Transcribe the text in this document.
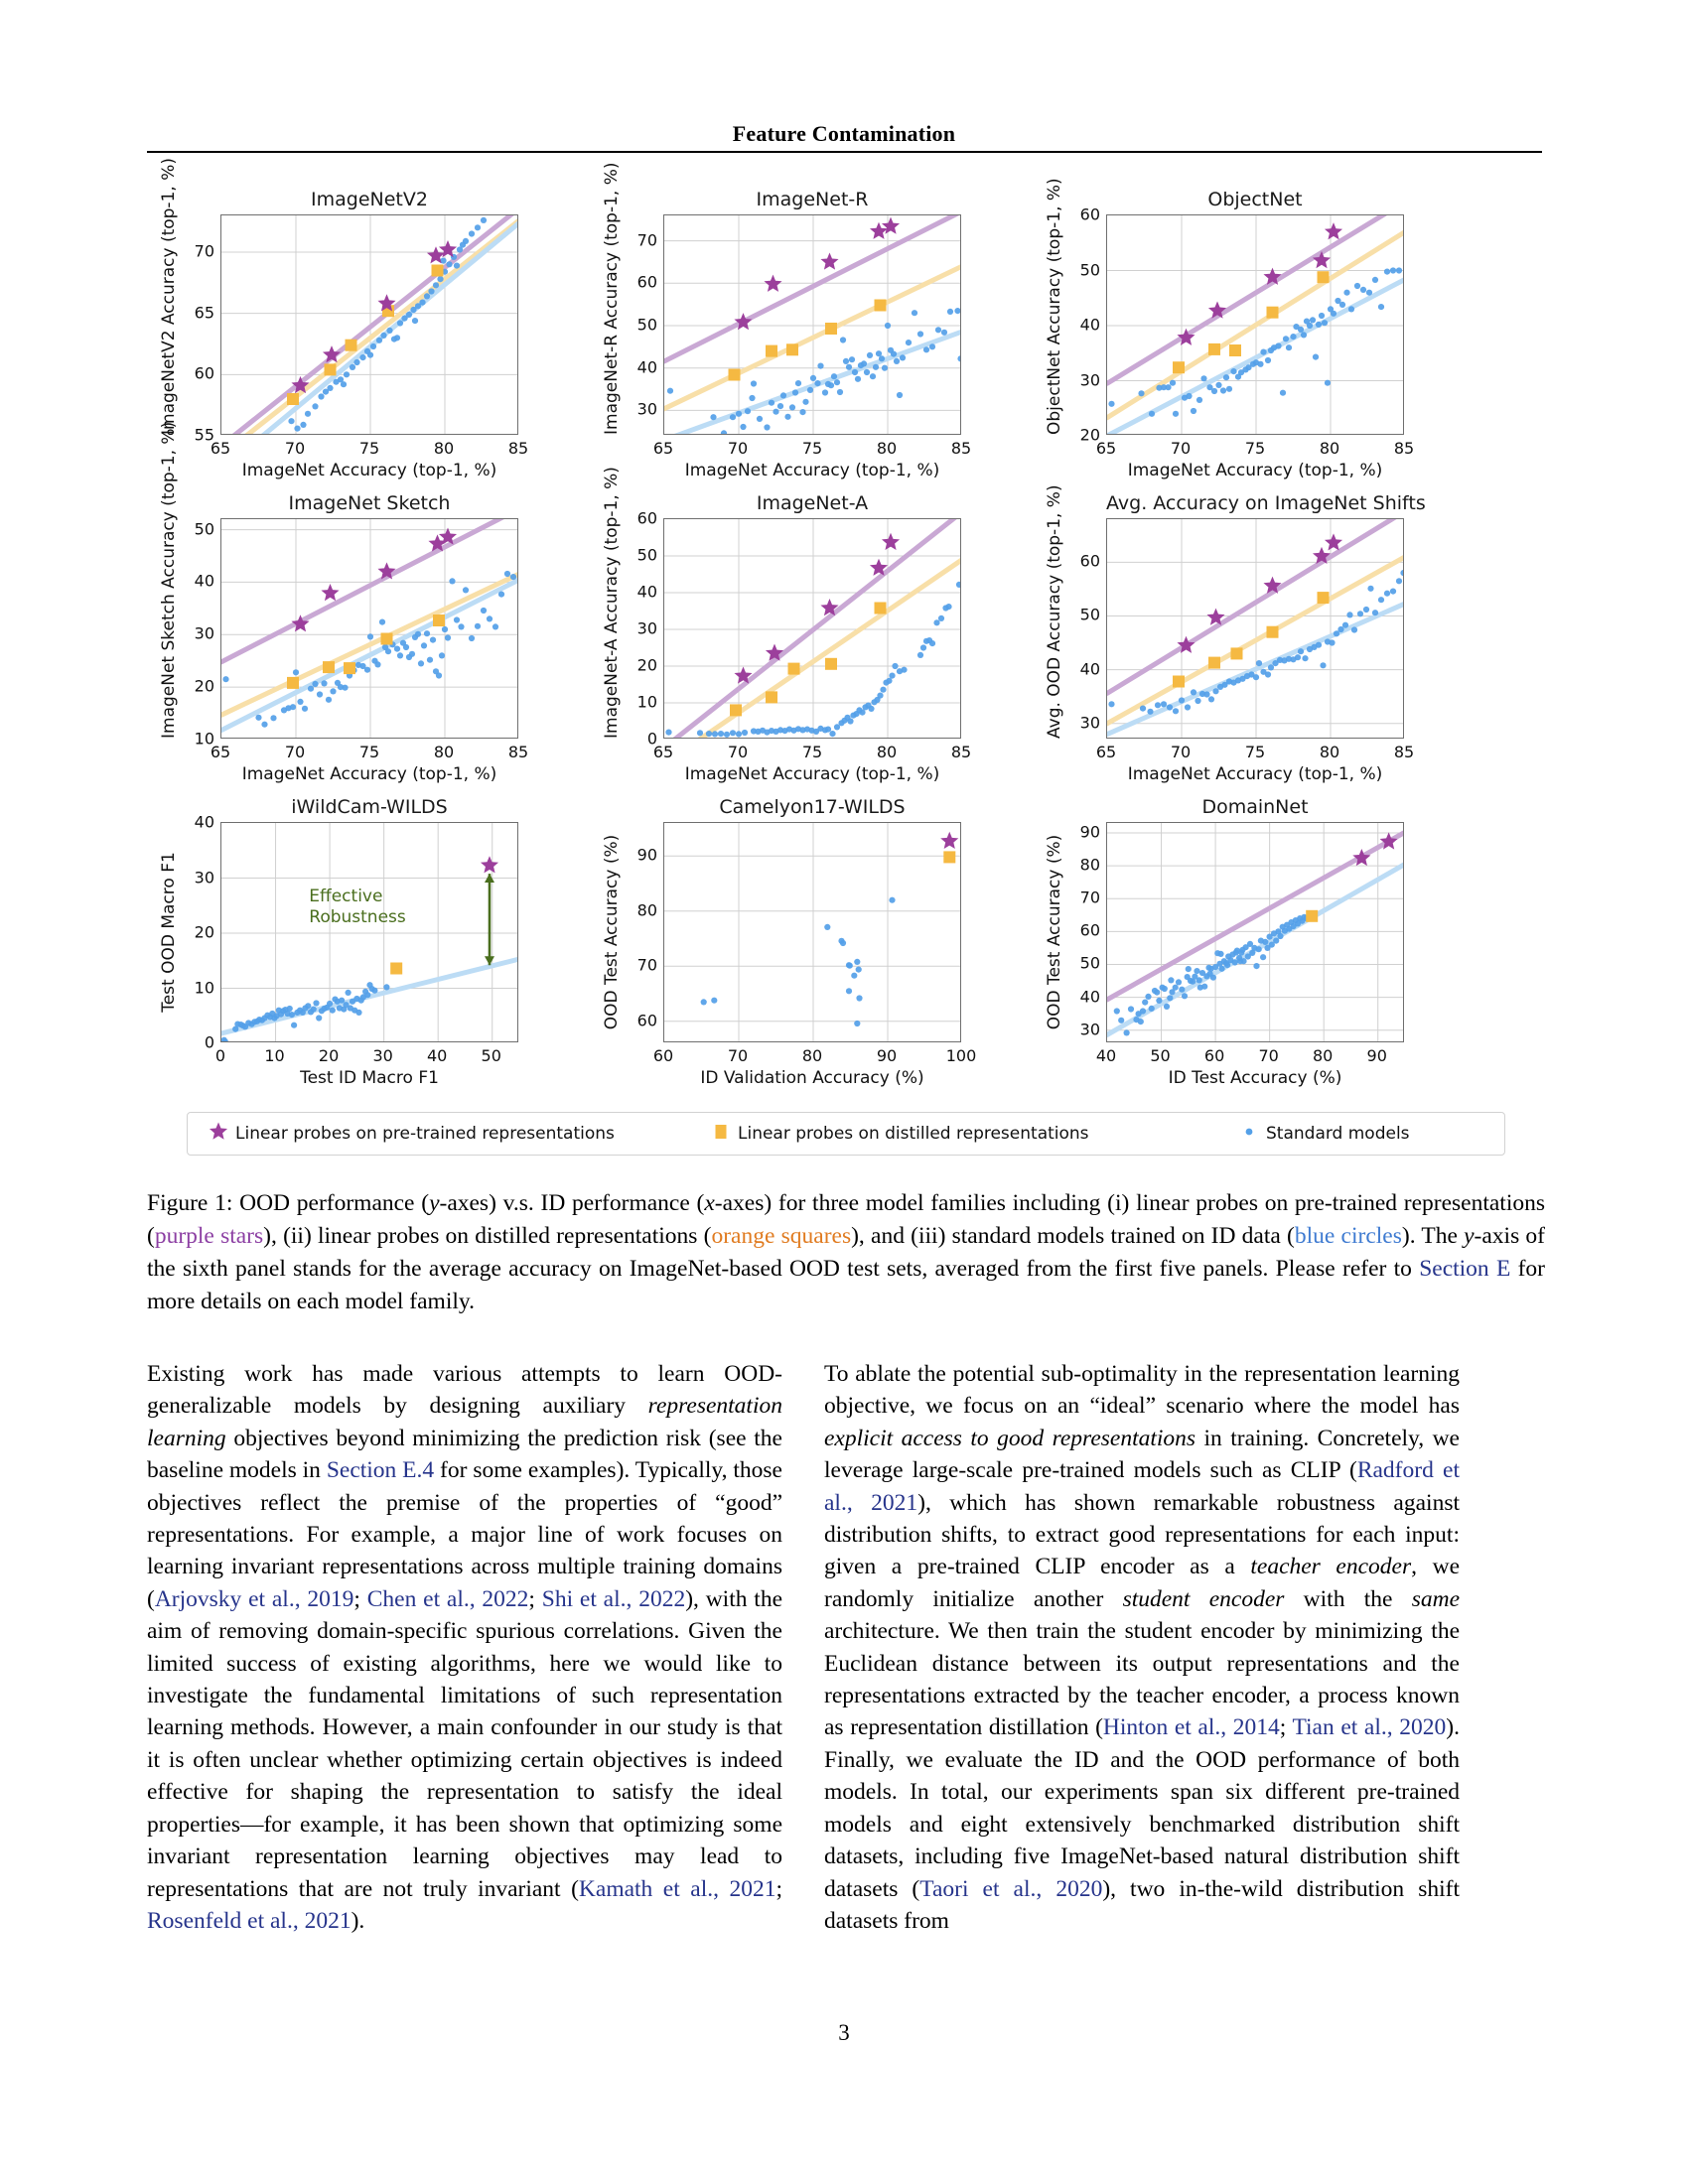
Feature Contamination
ImageNetV2
65	70	75	80	85
55
60
65
70
ImageNet Accuracy (top-1, %)
ImageNetV2 Accuracy (top-1, %)	ImageNet-R
65	70	75	80	85
30
40
50
60
70
ImageNet Accuracy (top-1, %)
ImageNet-R Accuracy (top-1, %)	ObjectNet
65	70	75	80	85
20
30
40
50
60
ImageNet Accuracy (top-1, %)
ObjectNet Accuracy (top-1, %)
ImageNet Sketch
65	70	75	80	85
10
20
30
40
50
ImageNet Accuracy (top-1, %)
ImageNet Sketch Accuracy (top-1, %)	ImageNet-A
65	70	75	80	85
0
10
20
30
40
50
60
ImageNet Accuracy (top-1, %)
ImageNet-A Accuracy (top-1, %)	Avg. Accuracy on ImageNet Shifts
65	70	75	80	85
30
40
50
60
ImageNet Accuracy (top-1, %)
Avg. OOD Accuracy (top-1, %)
iWildCam-WILDS
Effective
Robustness
0 10 20 30 40 50
0
10
20
30
40
Test ID Macro F1
Test OOD Macro F1
Camelyon17-WILDS
60	70	80	90	100
60
70
80
90
ID Validation Accuracy (%)
OOD Test Accuracy (%)
DomainNet
40 50 60 70 80 90
30
40
50
60
70
80
90
ID Test Accuracy (%)
OOD Test Accuracy (%)
Linear probes on pre-trained representations	Linear probes on distilled representations	Standard models
Figure 1: OOD performance (y-axes) v.s. ID performance (x-axes) for three model families including (i) linear probes on pre-trained representations (purple stars), (ii) linear probes on distilled representations (orange squares), and (iii) standard models trained on ID data (blue circles). The y-axis of the sixth panel stands for the average accuracy on ImageNet-based OOD test sets, averaged from the first five panels. Please refer to Section E for more details on each model family.

Existing work has made various attempts to learn OOD-generalizable models by designing auxiliary representation learning objectives beyond minimizing the prediction risk (see the baseline models in Section E.4 for some examples). Typically, those objectives reflect the premise of the properties of “good” representations. For example, a major line of work focuses on learning invariant representations across multiple training domains (Arjovsky et al., 2019; Chen et al., 2022; Shi et al., 2022), with the aim of removing domain-specific spurious correlations. Given the limited success of existing algorithms, here we would like to investigate the fundamental limitations of such representation learning methods. However, a main confounder in our study is that it is often unclear whether optimizing certain objectives is indeed effective for shaping the representation to satisfy the ideal properties—for example, it has been shown that optimizing some invariant representation learning objectives may lead to representations that are not truly invariant (Kamath et al., 2021; Rosenfeld et al., 2021).

To ablate the potential sub-optimality in the representation learning objective, we focus on an “ideal” scenario where the model has explicit access to good representations in training. Concretely, we leverage large-scale pre-trained models such as CLIP (Radford et al., 2021), which has shown remarkable robustness against distribution shifts, to extract good representations for each input: given a pre-trained CLIP encoder as a teacher encoder, we randomly initialize another student encoder with the same architecture. We then train the student encoder by minimizing the Euclidean distance between its output representations and the representations extracted by the teacher encoder, a process known as representation distillation (Hinton et al., 2014; Tian et al., 2020). Finally, we evaluate the ID and the OOD performance of both models. In total, our experiments span six different pre-trained models and eight extensively benchmarked distribution shift datasets, including five ImageNet-based natural distribution shift datasets (Taori et al., 2020), two in-the-wild distribution shift datasets from

3
